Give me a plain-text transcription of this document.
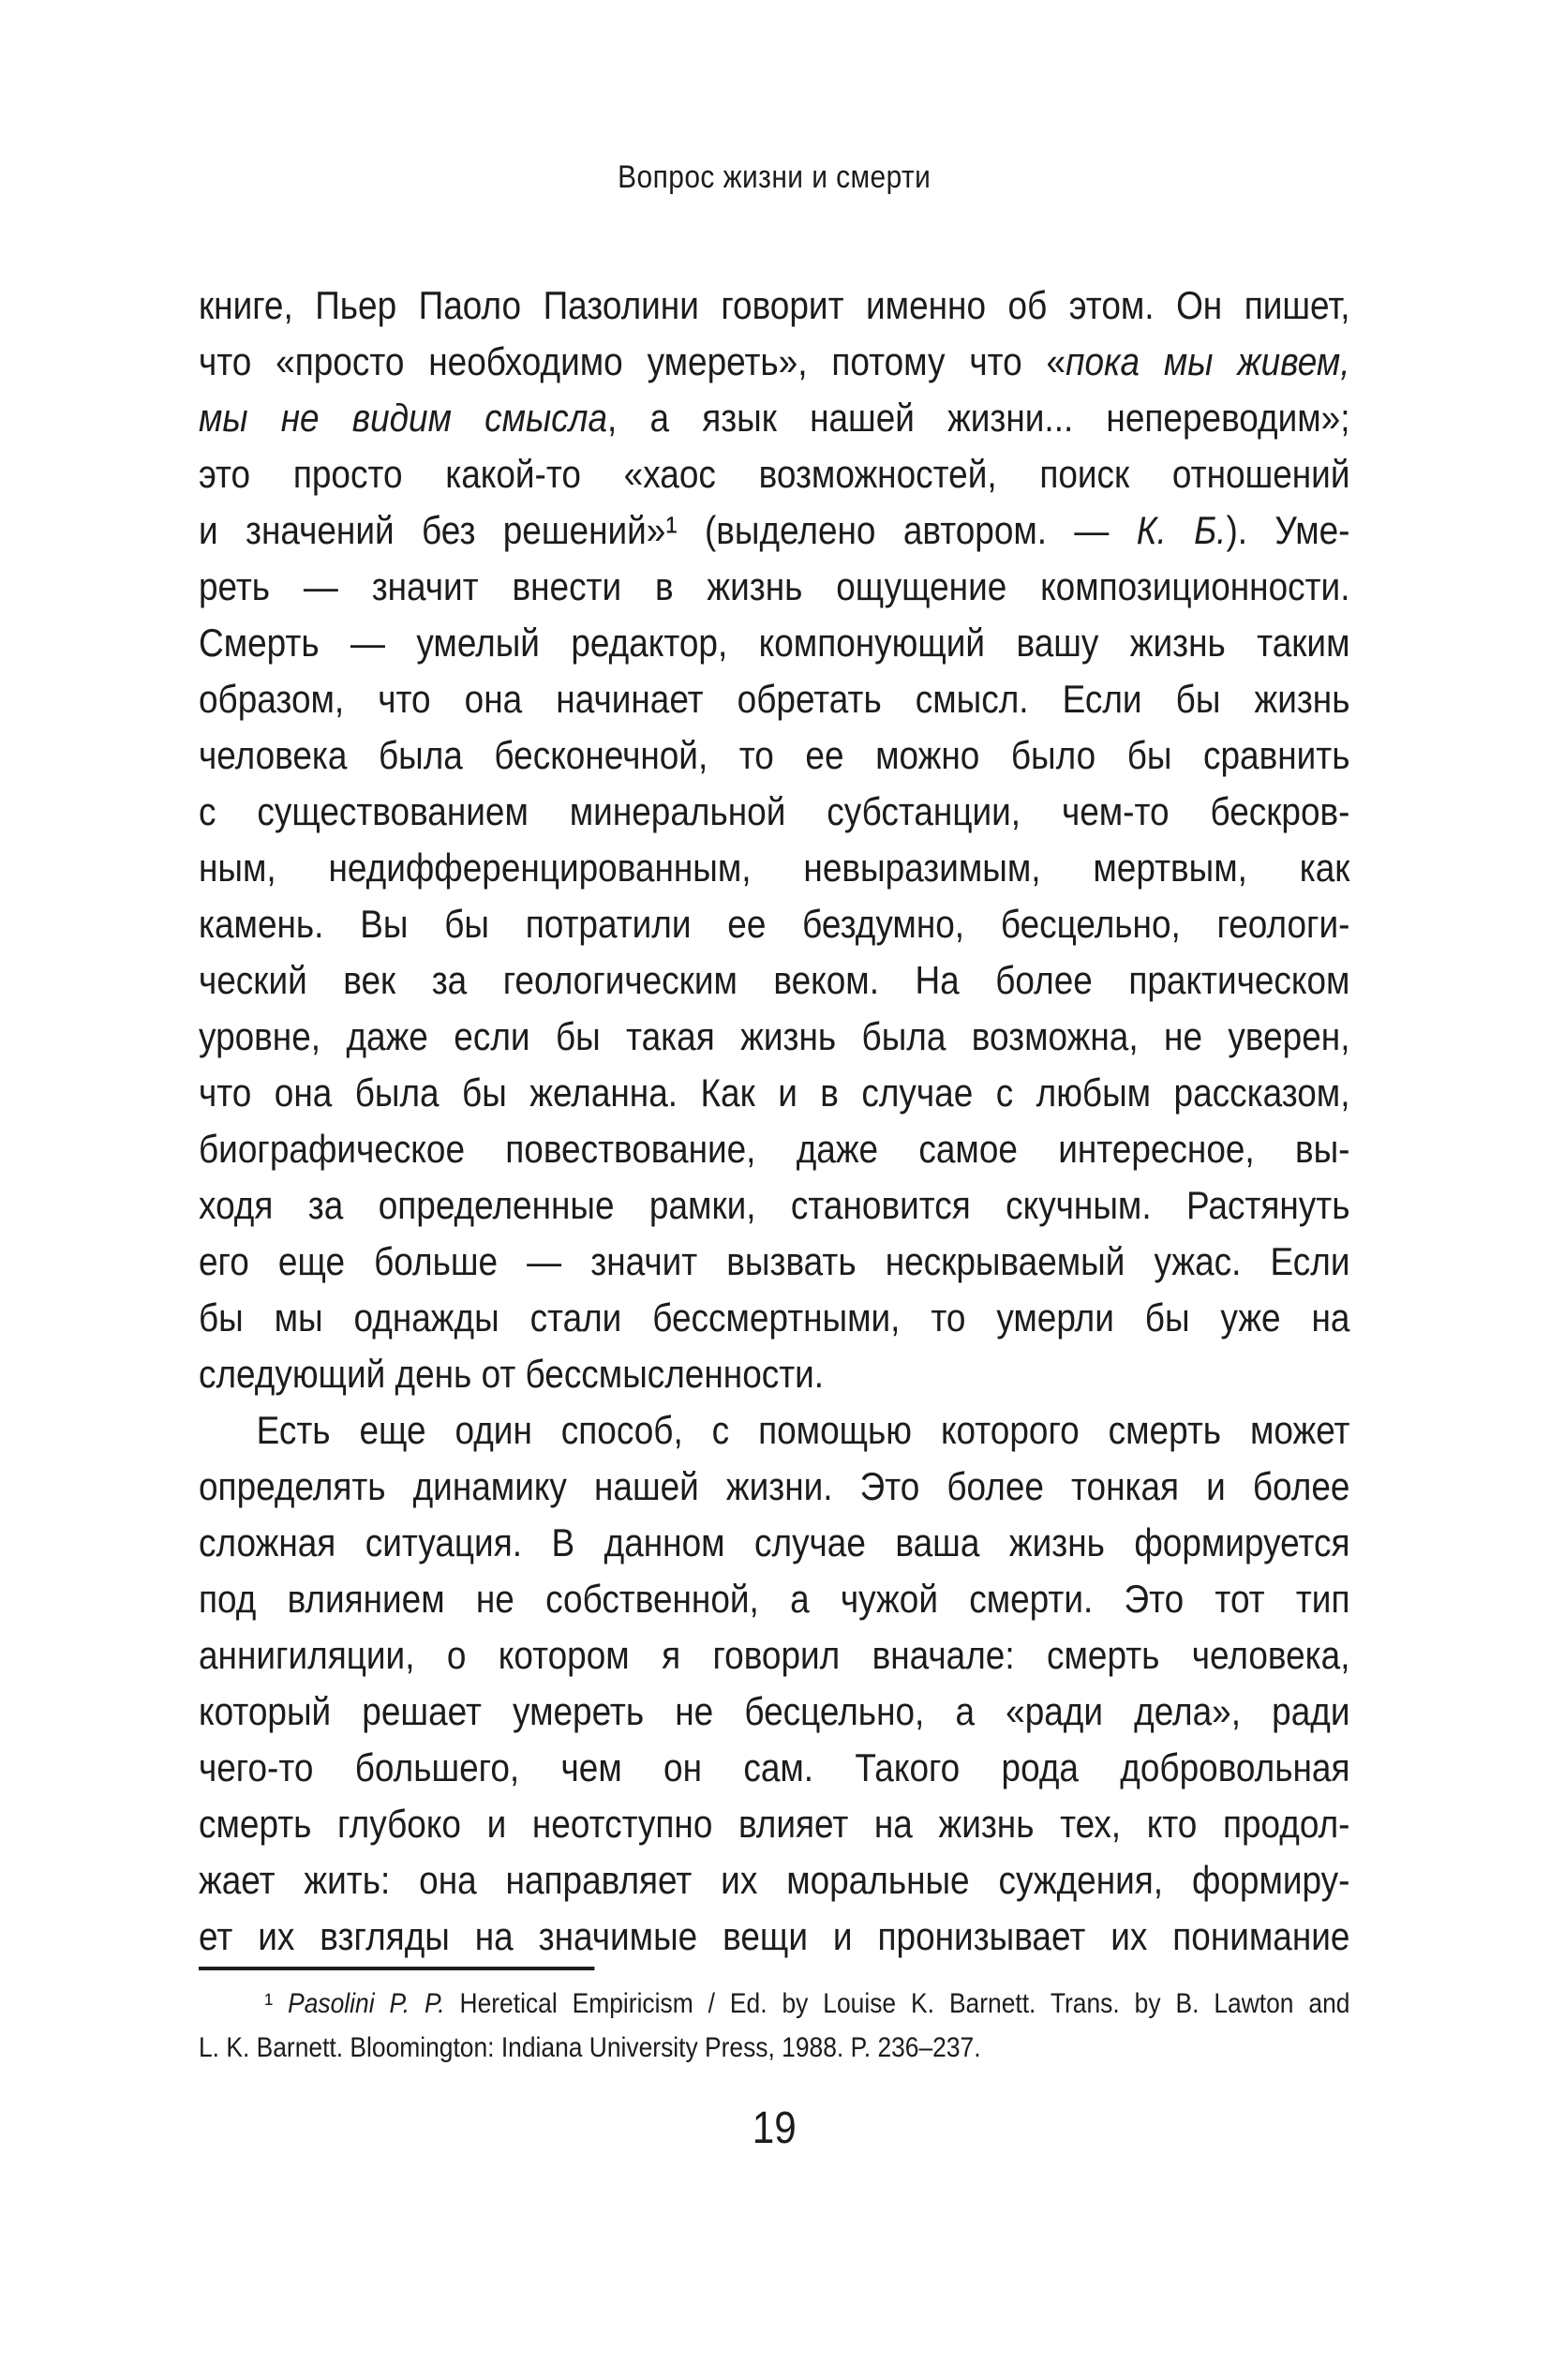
Вопрос жизни и смерти
книге, Пьер Паоло Пазолини говорит именно об этом. Он пишет,
что «просто необходимо умереть», потому что «пока мы живем,
мы не видим смысла, а язык нашей жизни... непереводим»;
это просто какой-то «хаос возможностей, поиск отношений
и значений без решений»¹ (выделено автором. — К. Б.). Уме-
реть — значит внести в жизнь ощущение композиционности.
Смерть — умелый редактор, компонующий вашу жизнь таким
образом, что она начинает обретать смысл. Если бы жизнь
человека была бесконечной, то ее можно было бы сравнить
с существованием минеральной субстанции, чем-то бескров-
ным, недифференцированным, невыразимым, мертвым, как
камень. Вы бы потратили ее бездумно, бесцельно, геологи-
ческий век за геологическим веком. На более практическом
уровне, даже если бы такая жизнь была возможна, не уверен,
что она была бы желанна. Как и в случае с любым рассказом,
биографическое повествование, даже самое интересное, вы-
ходя за определенные рамки, становится скучным. Растянуть
его еще больше — значит вызвать нескрываемый ужас. Если
бы мы однажды стали бессмертными, то умерли бы уже на
следующий день от бессмысленности.
Есть еще один способ, с помощью которого смерть может
определять динамику нашей жизни. Это более тонкая и более
сложная ситуация. В данном случае ваша жизнь формируется
под влиянием не собственной, а чужой смерти. Это тот тип
аннигиляции, о котором я говорил вначале: смерть человека,
который решает умереть не бесцельно, а «ради дела», ради
чего-то большего, чем он сам. Такого рода добровольная
смерть глубоко и неотступно влияет на жизнь тех, кто продол-
жает жить: она направляет их моральные суждения, формиру-
ет их взгляды на значимые вещи и пронизывает их понимание
¹ Pasolini P. P. Heretical Empiricism / Ed. by Louise K. Barnett. Trans. by B. Lawton and
L. K. Barnett. Bloomington: Indiana University Press, 1988. P. 236–237.
19
